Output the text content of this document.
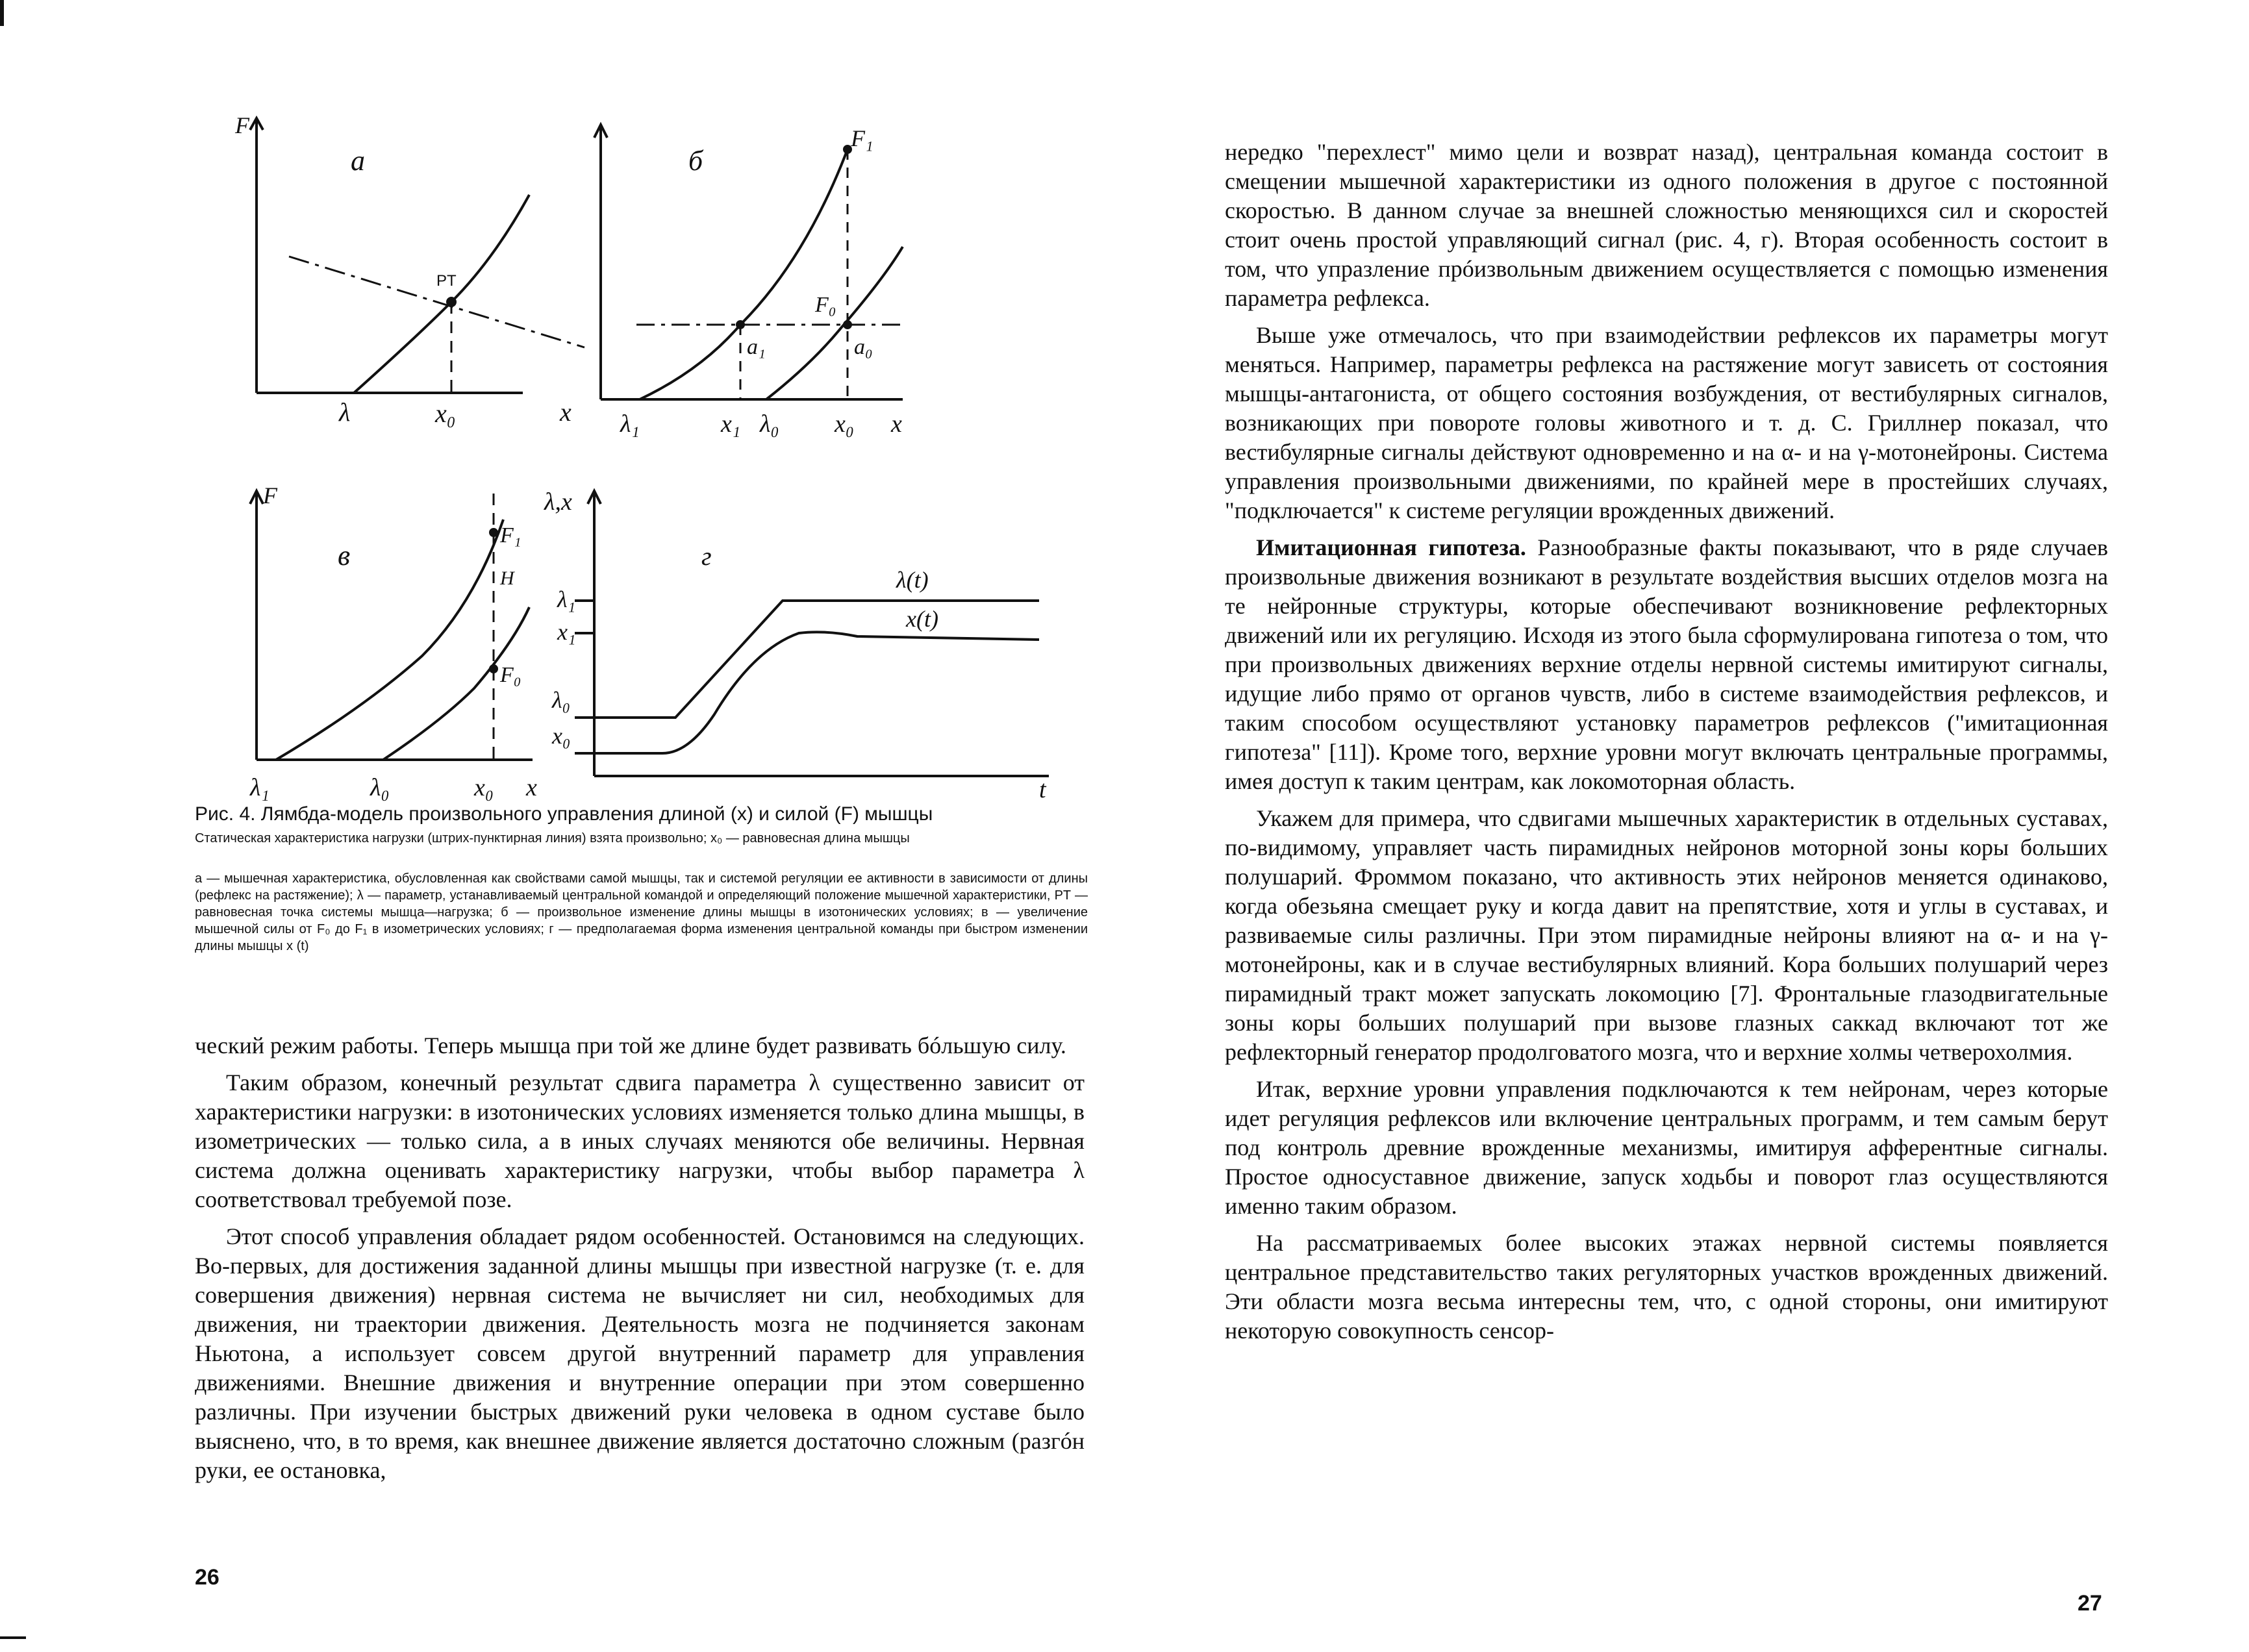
F
а
PT
λ	x₀	x
б
F₁
F₀
a₁	a₀
λ₁	x₁ λ₀ x₀ x
F
в
F₁
H
F₀
λ₁	λ₀	x₀ x
λ,x
г
λ₁
x₁
λ₀
x₀
λ(t)
x(t)
t
Рис. 4. Лямбда-модель произвольного управления длиной (x) и силой (F) мышцы
Статическая характеристика нагрузки (штрих-пунктирная линия) взята произвольно; x₀ — равновесная длина мышцы
а — мышечная характеристика, обусловленная как свойствами самой мышцы, так и системой регуляции ее активности в зависимости от длины (рефлекс на растяжение); λ — параметр, устанавливаемый центральной командой и определяющий положение мышечной характеристики, PT — равновесная точка системы мышца—нагрузка; б — произвольное изменение длины мышцы в изотонических условиях; в — увеличение мышечной силы от F₀ до F₁ в изометрических условиях; г — предполагаемая форма изменения центральной команды при быстром изменении длины мышцы x (t)

ческий режим работы. Теперь мышца при той же длине будет развивать бóльшую силу.

Таким образом, конечный результат сдвига параметра λ существенно зависит от характеристики нагрузки: в изотонических условиях изменяется только длина мышцы, в изометрических — только сила, а в иных случаях меняются обе величины. Нервная система должна оценивать характеристику нагрузки, чтобы выбор параметра λ соответствовал требуемой позе.

Этот способ управления обладает рядом особенностей. Остановимся на следующих. Во-первых, для достижения заданной длины мышцы при известной нагрузке (т. е. для совершения движения) нервная система не вычисляет ни сил, необходимых для движения, ни траектории движения. Деятельность мозга не подчиняется законам Ньютона, а использует совсем другой внутренний параметр для управления движениями. Внешние движения и внутренние операции при этом совершенно различны. При изучении быстрых движений руки человека в одном суставе было выяснено, что, в то время, как внешнее движение является достаточно сложным (разгóн руки, ее остановка,

26

нередко "перехлест" мимо цели и возврат назад), центральная команда состоит в смещении мышечной характеристики из одного положения в другое с постоянной скоростью. В данном случае за внешней сложностью меняющихся сил и скоростей стоит очень простой управляющий сигнал (рис. 4, г). Вторая особенность состоит в том, что упразление прóизвольным движением осуществляется с помощью изменения параметра рефлекса.

Выше уже отмечалось, что при взаимодействии рефлексов их параметры могут меняться. Например, параметры рефлекса на растяжение могут зависеть от состояния мышцы-антагониста, от общего состояния возбуждения, от вестибулярных сигналов, возникающих при повороте головы животного и т. д. С. Гриллнер показал, что вестибулярные сигналы действуют одновременно и на α- и на γ-мотонейроны. Система управления произвольными движениями, по крайней мере в простейших случаях, "подключается" к системе регуляции врожденных движений.

Имитационная гипотеза. Разнообразные факты показывают, что в ряде случаев произвольные движения возникают в результате воздействия высших отделов мозга на те нейронные структуры, которые обеспечивают возникновение рефлекторных движений или их регуляцию. Исходя из этого была сформулирована гипотеза о том, что при произвольных движениях верхние отделы нервной системы имитируют сигналы, идущие либо прямо от органов чувств, либо в системе взаимодействия рефлексов, и таким способом осуществляют установку параметров рефлексов ("имитационная гипотеза" [11]). Кроме того, верхние уровни могут включать центральные программы, имея доступ к таким центрам, как локомоторная область.

Укажем для примера, что сдвигами мышечных характеристик в отдельных суставах, по-видимому, управляет часть пирамидных нейронов моторной зоны коры больших полушарий. Фроммом показано, что активность этих нейронов меняется одинаково, когда обезьяна смещает руку и когда давит на препятствие, хотя и углы в суставах, и развиваемые силы различны. При этом пирамидные нейроны влияют на α- и на γ-мотонейроны, как и в случае вестибулярных влияний. Кора больших полушарий через пирамидный тракт может запускать локомоцию [7]. Фронтальные глазодвигательные зоны коры больших полушарий при вызове глазных саккад включают тот же рефлекторный генератор продолговатого мозга, что и верхние холмы четверохолмия.

Итак, верхние уровни управления подключаются к тем нейронам, через которые идет регуляция рефлексов или включение центральных программ, и тем самым берут под контроль древние врожденные механизмы, имитируя афферентные сигналы. Простое односуставное движение, запуск ходьбы и поворот глаз осуществляются именно таким образом.

На рассматриваемых более высоких этажах нервной системы появляется центральное представительство таких регуляторных участков врожденных движений. Эти области мозга весьма интересны тем, что, с одной стороны, они имитируют некоторую совокупность сенсор-

27
